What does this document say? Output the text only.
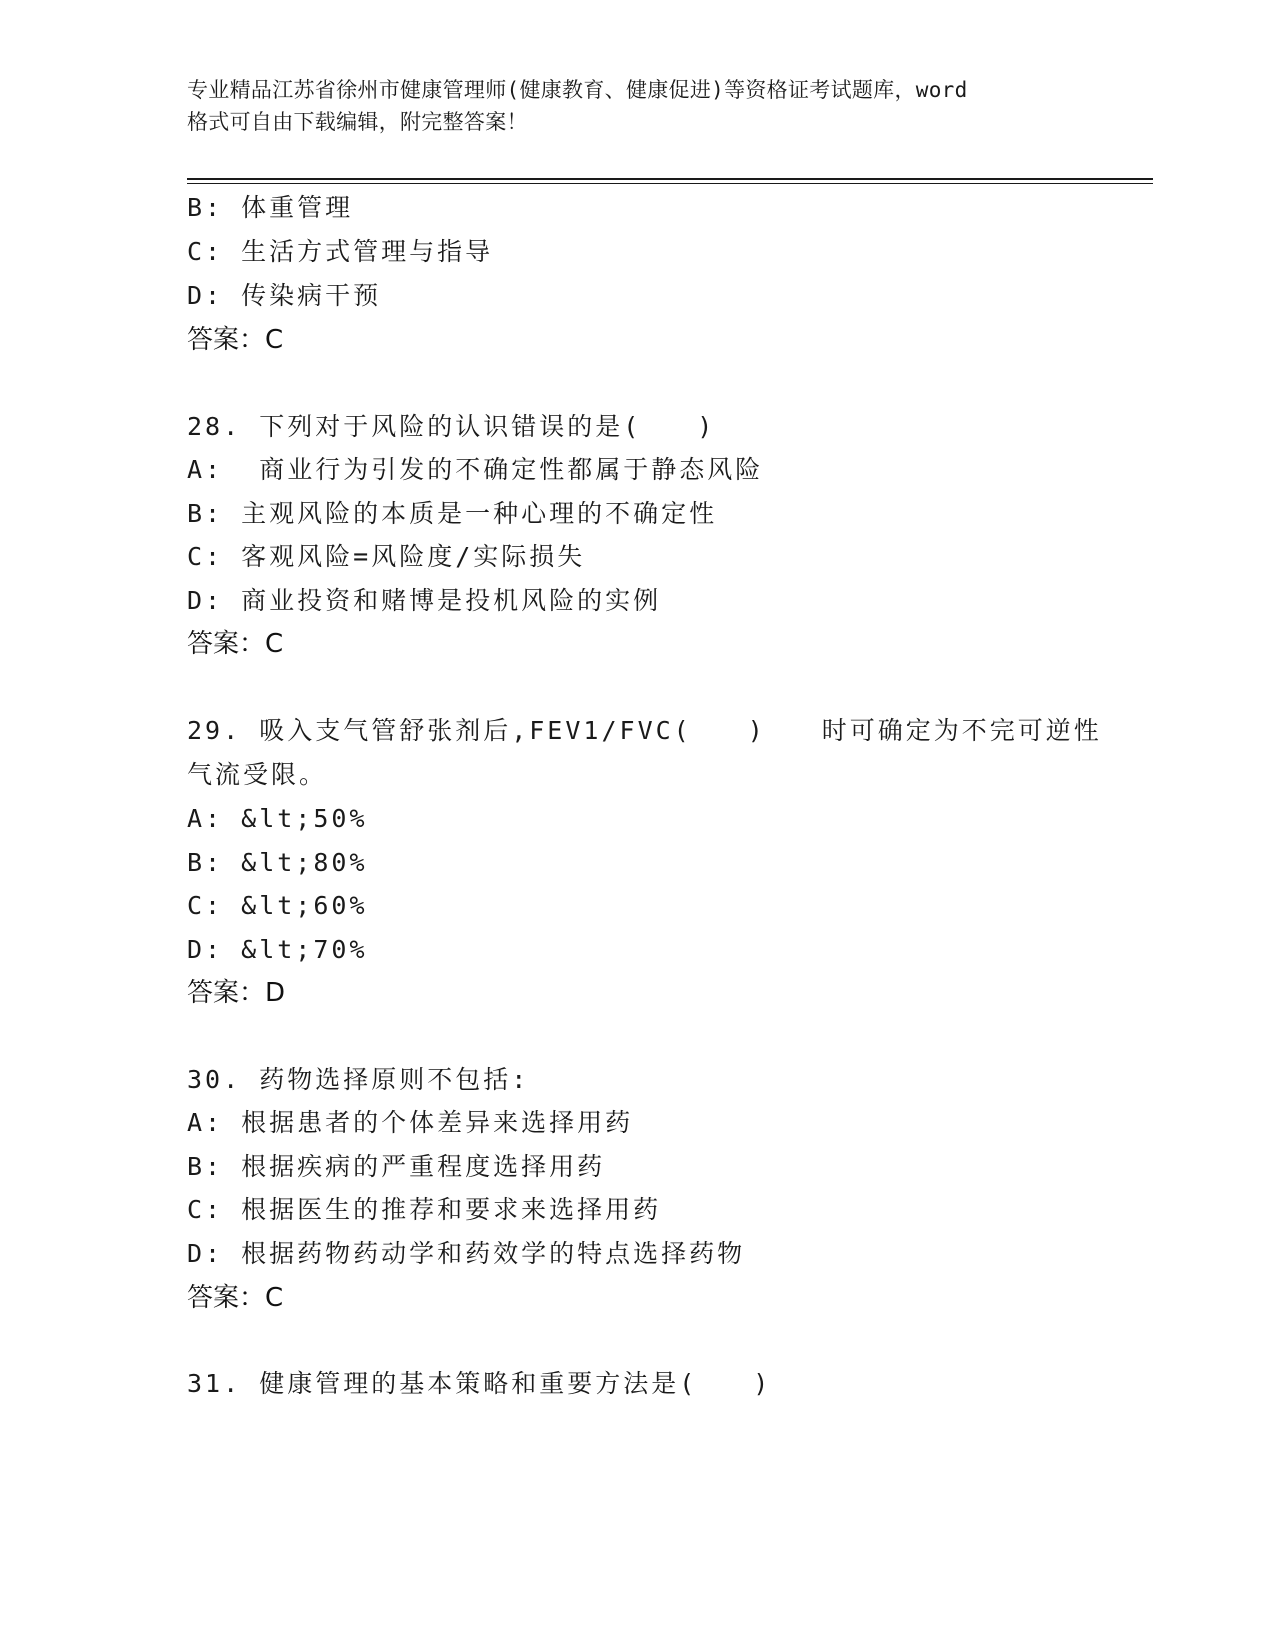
专业精品江苏省徐州市健康管理师(健康教育、健康促进)等资格证考试题库，word
格式可自由下载编辑，附完整答案！
B: 体重管理
C: 生活方式管理与指导
D: 传染病干预
答案：C
28. 下列对于风险的认识错误的是(　　)
A:  商业行为引发的不确定性都属于静态风险
B: 主观风险的本质是一种心理的不确定性
C: 客观风险=风险度/实际损失
D: 商业投资和赌博是投机风险的实例
答案：C
29. 吸入支气管舒张剂后,FEV1/FVC(　　)　　时可确定为不完可逆性
气流受限。
A: &lt;50%
B: &lt;80%
C: &lt;60%
D: &lt;70%
答案：D
30. 药物选择原则不包括:
A: 根据患者的个体差异来选择用药
B: 根据疾病的严重程度选择用药
C: 根据医生的推荐和要求来选择用药
D: 根据药物药动学和药效学的特点选择药物
答案：C
31. 健康管理的基本策略和重要方法是(　　)
